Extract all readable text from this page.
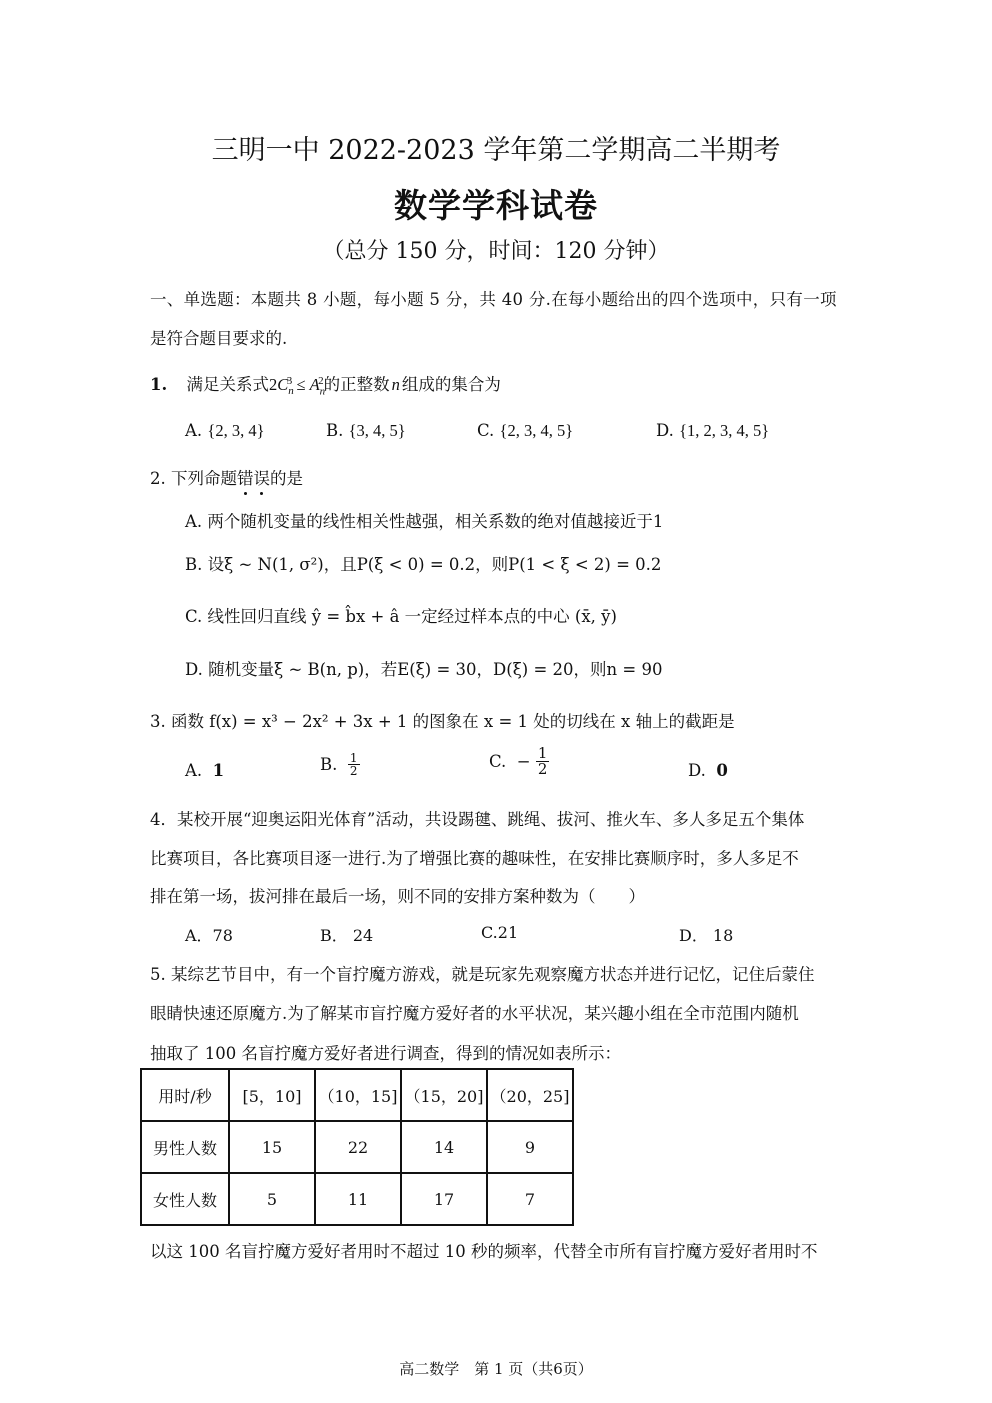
三明一中 2022-2023 学年第二学期高二半期考
数学学科试卷
（总分 150 分，时间：120 分钟）
一、单选题：本题共 8 小题，每小题 5 分，共 40 分.在每小题给出的四个选项中，只有一项
是符合题目要求的.
1. 满足关系式$2C_n^3 \le A_n^2$的正整数 n 组成的集合为
A. {2, 3, 4}	B. {3, 4, 5}	C. {2, 3, 4, 5}	D. {1, 2, 3, 4, 5}
2. 下列命题错误的是
A. 两个随机变量的线性相关性越强，相关系数的绝对值越接近于1
B. 设ξ ~ N(1, σ²)，且P(ξ < 0) = 0.2，则P(1 < ξ < 2) = 0.2
C. 线性回归直线 ŷ = b̂x + â 一定经过样本点的中心 (x̄, ȳ)
D. 随机变量ξ ~ B(n, p)，若E(ξ) = 30，D(ξ) = 20，则n = 90
3. 函数 f(x) = x³ − 2x² + 3x + 1 的图象在 x = 1 处的切线在 x 轴上的截距是
A. 1	B. $\frac{1}{2}$	C. − $\frac{1}{2}$	D. 0
4．某校开展“迎奥运阳光体育”活动，共设踢毽、跳绳、拔河、推火车、多人多足五个集体
比赛项目，各比赛项目逐一进行.为了增强比赛的趣味性，在安排比赛顺序时，多人多足不
排在第一场，拔河排在最后一场，则不同的安排方案种数为（　　）
A．78	B． 24	C.21	D． 18
5. 某综艺节目中，有一个盲拧魔方游戏，就是玩家先观察魔方状态并进行记忆，记住后蒙住
眼睛快速还原魔方.为了解某市盲拧魔方爱好者的水平状况，某兴趣小组在全市范围内随机
抽取了 100 名盲拧魔方爱好者进行调查，得到的情况如表所示：
用时/秒	[5，10]	（10，15]	（15，20]	（20，25]
男性人数	15	22	14	9
女性人数	5	11	17	7
以这 100 名盲拧魔方爱好者用时不超过 10 秒的频率，代替全市所有盲拧魔方爱好者用时不
高二数学　第 1 页（共6页）
